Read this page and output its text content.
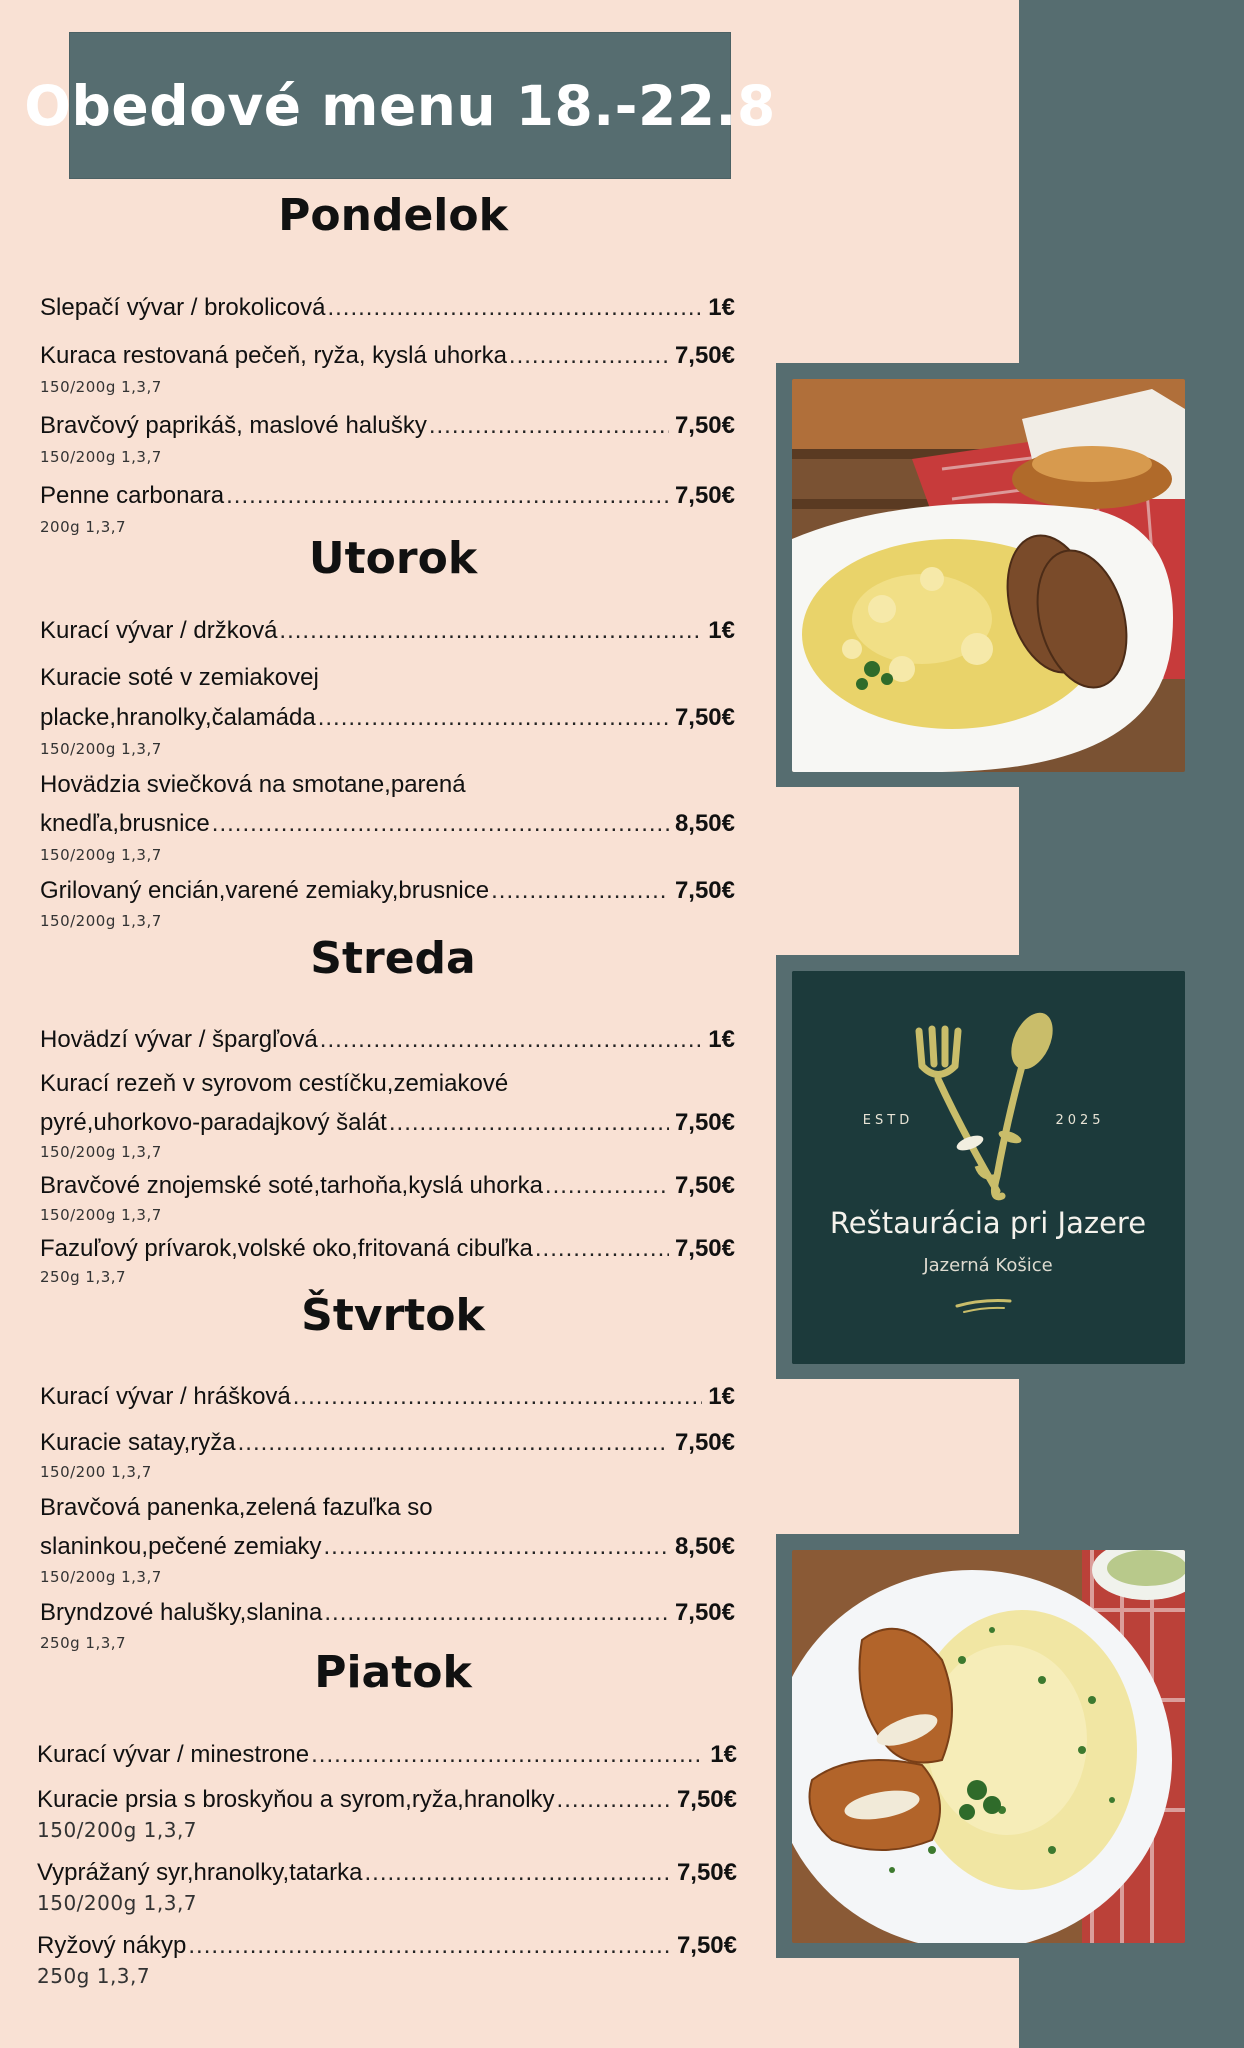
Obedové menu 18.-22.8
Pondelok
Utorok
Streda
Štvrtok
Piatok
Slepačí vývar / brokolicová .....	1€
Kuraca restovaná pečeň, ryža, kyslá uhorka .....	7,50€
150/200g 1,3,7
Bravčový paprikáš, maslové halušky .....	7,50€
150/200g 1,3,7
Penne carbonara .....	7,50€
200g 1,3,7
Kurací vývar / držková .....	1€
Kuracie soté v zemiakovej
placke,hranolky,čalamáda .....	7,50€
150/200g 1,3,7
Hovädzia sviečková na smotane,parená
knedľa,brusnice .....	8,50€
150/200g 1,3,7
Grilovaný encián,varené zemiaky,brusnice .....	7,50€
150/200g 1,3,7
Hovädzí vývar / špargľová .....	1€
Kurací rezeň v syrovom cestíčku,zemiakové
pyré,uhorkovo-paradajkový šalát .....	7,50€
150/200g 1,3,7
Bravčové znojemské soté,tarhoňa,kyslá uhorka .....	7,50€
150/200g 1,3,7
Fazuľový prívarok,volské oko,fritovaná cibuľka .....	7,50€
250g 1,3,7
Kurací vývar / hrášková .....	1€
Kuracie satay,ryža .....	7,50€
150/200 1,3,7
Bravčová panenka,zelená fazuľka so
slaninkou,pečené zemiaky .....	8,50€
150/200g 1,3,7
Bryndzové halušky,slanina .....	7,50€
250g 1,3,7
Kurací vývar / minestrone .....	1€
Kuracie prsia s broskyňou a syrom,ryža,hranolky .....	7,50€
150/200g 1,3,7
Vyprážaný syr,hranolky,tatarka .....	7,50€
150/200g 1,3,7
Ryžový nákyp .....	7,50€
250g 1,3,7
ESTD	2025
Reštaurácia pri Jazere
Jazerná Košice
